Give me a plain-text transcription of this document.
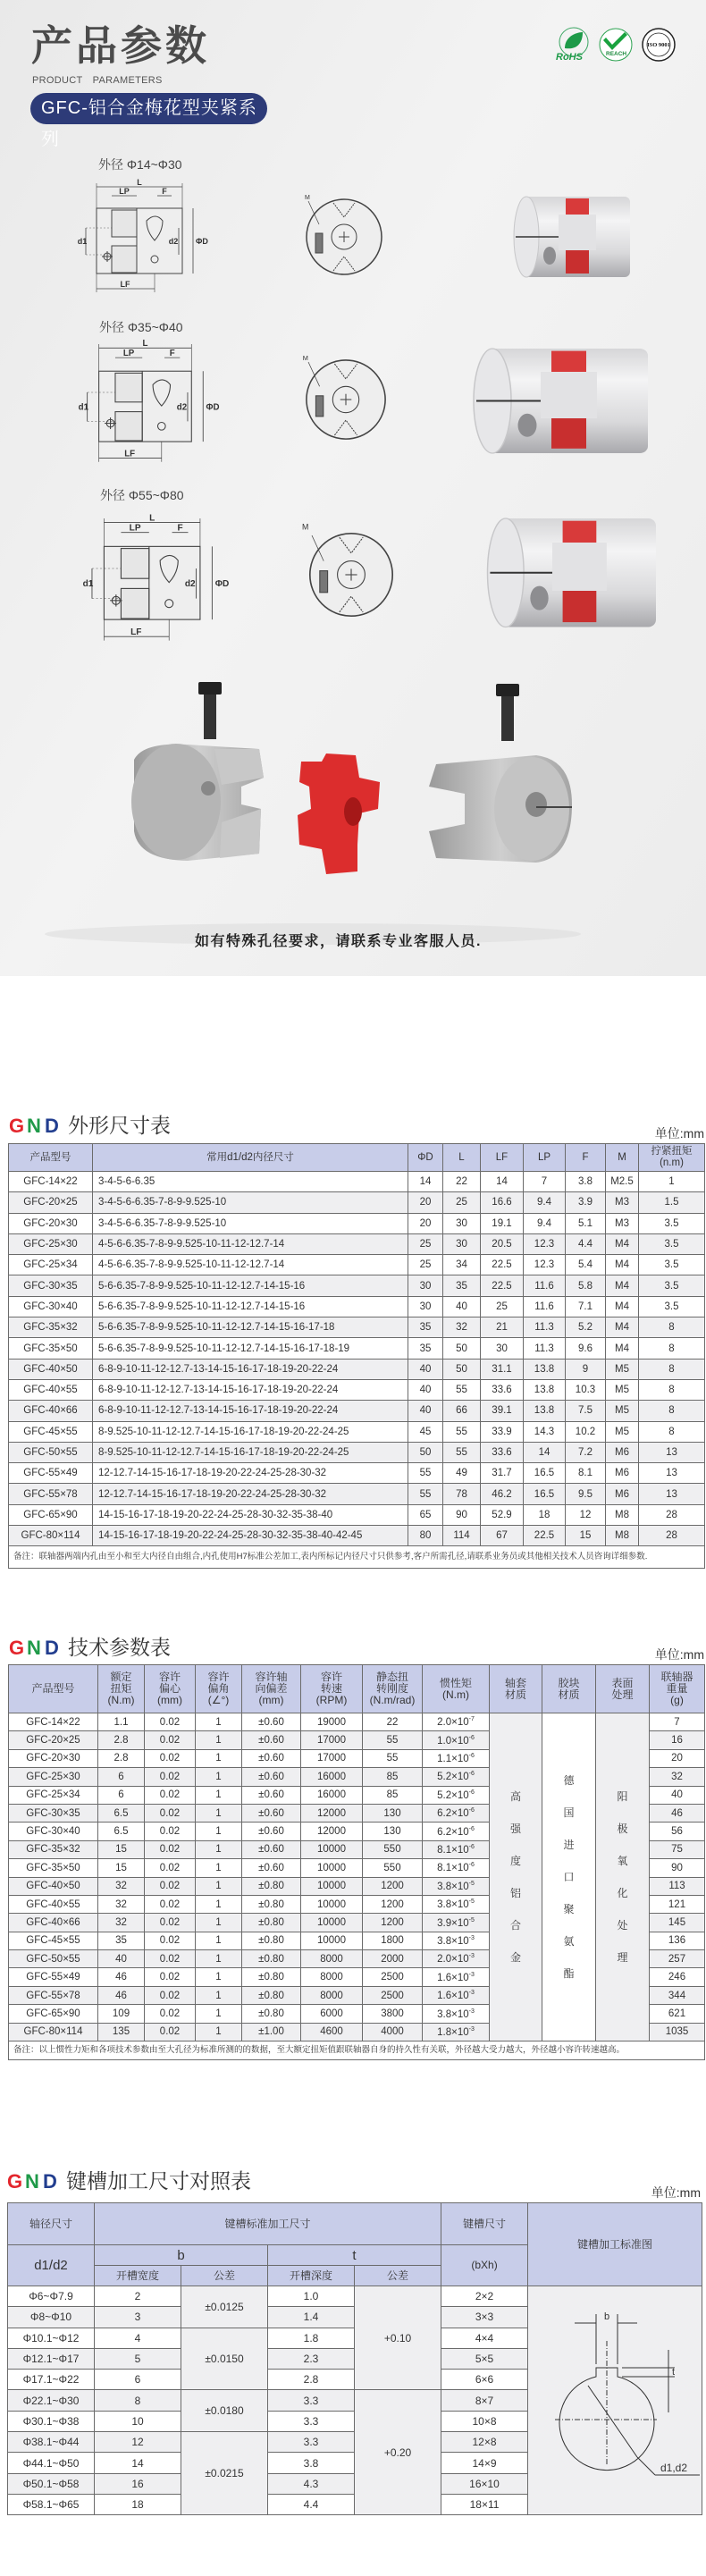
产品参数
PRODUCT PARAMETERS
GFC-铝合金梅花型夹紧系列
RoHS	REACH
ISO 9001
外径 Φ14~Φ30
外径 Φ35~Φ40
外径 Φ55~Φ80
L
LP	F
LF
d1	d2 ΦD
L
LP	F
LF
d1	d2 ΦD
L
LP	F
LF
d1	d2 ΦD
M
M
M
如有特殊孔径要求，请联系专业客服人员.
G N D 外形尺寸表	单位:mm
产品型号	常用d1/d2内径尺寸	ΦD	L	LF	LP	F	M	拧紧扭矩
(n.m)
GFC-14×22	3-4-5-6-6.35	14	22	14	7	3.8	M2.5	1
GFC-20×25	3-4-5-6-6.35-7-8-9-9.525-10	20	25	16.6	9.4	3.9	M3	1.5
GFC-20×30	3-4-5-6-6.35-7-8-9-9.525-10	20	30	19.1	9.4	5.1	M3	3.5
GFC-25×30	4-5-6-6.35-7-8-9-9.525-10-11-12-12.7-14	25	30	20.5	12.3	4.4	M4	3.5
GFC-25×34	4-5-6-6.35-7-8-9-9.525-10-11-12-12.7-14	25	34	22.5	12.3	5.4	M4	3.5
GFC-30×35	5-6-6.35-7-8-9-9.525-10-11-12-12.7-14-15-16	30	35	22.5	11.6	5.8	M4	3.5
GFC-30×40	5-6-6.35-7-8-9-9.525-10-11-12-12.7-14-15-16	30	40	25	11.6	7.1	M4	3.5
GFC-35×32	5-6-6.35-7-8-9-9.525-10-11-12-12.7-14-15-16-17-18	35	32	21	11.3	5.2	M4	8
GFC-35×50	5-6-6.35-7-8-9-9.525-10-11-12-12.7-14-15-16-17-18-19	35	50	30	11.3	9.6	M4	8
GFC-40×50	6-8-9-10-11-12-12.7-13-14-15-16-17-18-19-20-22-24	40	50	31.1	13.8	9	M5	8
GFC-40×55	6-8-9-10-11-12-12.7-13-14-15-16-17-18-19-20-22-24	40	55	33.6	13.8	10.3	M5	8
GFC-40×66	6-8-9-10-11-12-12.7-13-14-15-16-17-18-19-20-22-24	40	66	39.1	13.8	7.5	M5	8
GFC-45×55	8-9.525-10-11-12-12.7-14-15-16-17-18-19-20-22-24-25	45	55	33.9	14.3	10.2	M5	8
GFC-50×55	8-9.525-10-11-12-12.7-14-15-16-17-18-19-20-22-24-25	50	55	33.6	14	7.2	M6	13
GFC-55×49	12-12.7-14-15-16-17-18-19-20-22-24-25-28-30-32	55	49	31.7	16.5	8.1	M6	13
GFC-55×78	12-12.7-14-15-16-17-18-19-20-22-24-25-28-30-32	55	78	46.2	16.5	9.5	M6	13
GFC-65×90	14-15-16-17-18-19-20-22-24-25-28-30-32-35-38-40	65	90	52.9	18	12	M8	28
GFC-80×114	14-15-16-17-18-19-20-22-24-25-28-30-32-35-38-40-42-45	80	114	67	22.5	15	M8	28
备注：联轴器两端内孔由至小和至大内径自由组合,内孔使用H7标准公差加工,表内所标记内径尺寸只供参考,客户所需孔径,请联系业务员或其他相关技术人员咨询详细参数.								
G N D 技术参数表	单位:mm
产品型号	额定
扭矩
(N.m)	容许
偏心
(mm)	容许
偏角
(∠°)	容许轴
向偏差
(mm)	容许
转速
(RPM)	静态扭
转刚度
(N.m/rad)	惯性矩
(N.m)	轴套
材质	胶块
材质	表面
处理	联轴器
重量
(g)
GFC-14×22	1.1	0.02	1	±0.60	19000	22	$2.0\times 10^{-7}$	高强度铝合金	德国进口聚氨酯	阳极氧化处理	7
GFC-20×25	2.8	0.02	1	±0.60	17000	55	$1.0\times 10^{-6}$				16
GFC-20×30	2.8	0.02	1	±0.60	17000	55	$1.1\times 10^{-6}$				20
GFC-25×30	6	0.02	1	±0.60	16000	85	$5.2\times 10^{-6}$				32
GFC-25×34	6	0.02	1	±0.60	16000	85	$5.2\times 10^{-6}$				40
GFC-30×35	6.5	0.02	1	±0.60	12000	130	$6.2\times 10^{-6}$				46
GFC-30×40	6.5	0.02	1	±0.60	12000	130	$6.2\times 10^{-6}$				56
GFC-35×32	15	0.02	1	±0.60	10000	550	$8.1\times 10^{-6}$				75
GFC-35×50	15	0.02	1	±0.60	10000	550	$8.1\times 10^{-6}$				90
GFC-40×50	32	0.02	1	±0.80	10000	1200	$3.8\times 10^{-5}$				113
GFC-40×55	32	0.02	1	±0.80	10000	1200	$3.8\times 10^{-5}$				121
GFC-40×66	32	0.02	1	±0.80	10000	1200	$3.9\times 10^{-5}$				145
GFC-45×55	35	0.02	1	±0.80	10000	1800	$3.8\times 10^{-3}$				136
GFC-50×55	40	0.02	1	±0.80	8000	2000	$2.0\times 10^{-3}$				257
GFC-55×49	46	0.02	1	±0.80	8000	2500	$1.6\times 10^{-3}$				246
GFC-55×78	46	0.02	1	±0.80	8000	2500	$1.6\times 10^{-3}$				344
GFC-65×90	109	0.02	1	±0.80	6000	3800	$3.8\times 10^{-3}$				621
GFC-80×114	135	0.02	1	±1.00	4600	4000	$1.8\times 10^{-3}$				1035
备注：以上惯性力矩和各项技术参数由至大孔径为标准所测的的数据，至大额定扭矩值跟联轴器自身的持久性有关联，外径越大受力越大，外径越小容许转速越高。											
G N D 键槽加工尺寸对照表	单位:mm
轴径尺寸	键槽标准加工尺寸				键槽尺寸	键槽加工标准图
d1/d2	b		t		(bXh)	
	开槽宽度	公差	开槽深度	公差		
Φ6~Φ7.9	2	±0.0125	1.0	+0.10	2×2	b
t
d1,d2

Φ8~Φ10	3		1.4		3×3	
Φ10.1~Φ12	4	±0.0150	1.8		4×4	
Φ12.1~Φ17	5		2.3		5×5	
Φ17.1~Φ22	6		2.8		6×6	
Φ22.1~Φ30	8	±0.0180	3.3	+0.20	8×7	
Φ30.1~Φ38	10		3.3		10×8	
Φ38.1~Φ44	12	±0.0215	3.3		12×8	
Φ44.1~Φ50	14		3.8		14×9	
Φ50.1~Φ58	16		4.3		16×10	
Φ58.1~Φ65	18		4.4		18×11	
